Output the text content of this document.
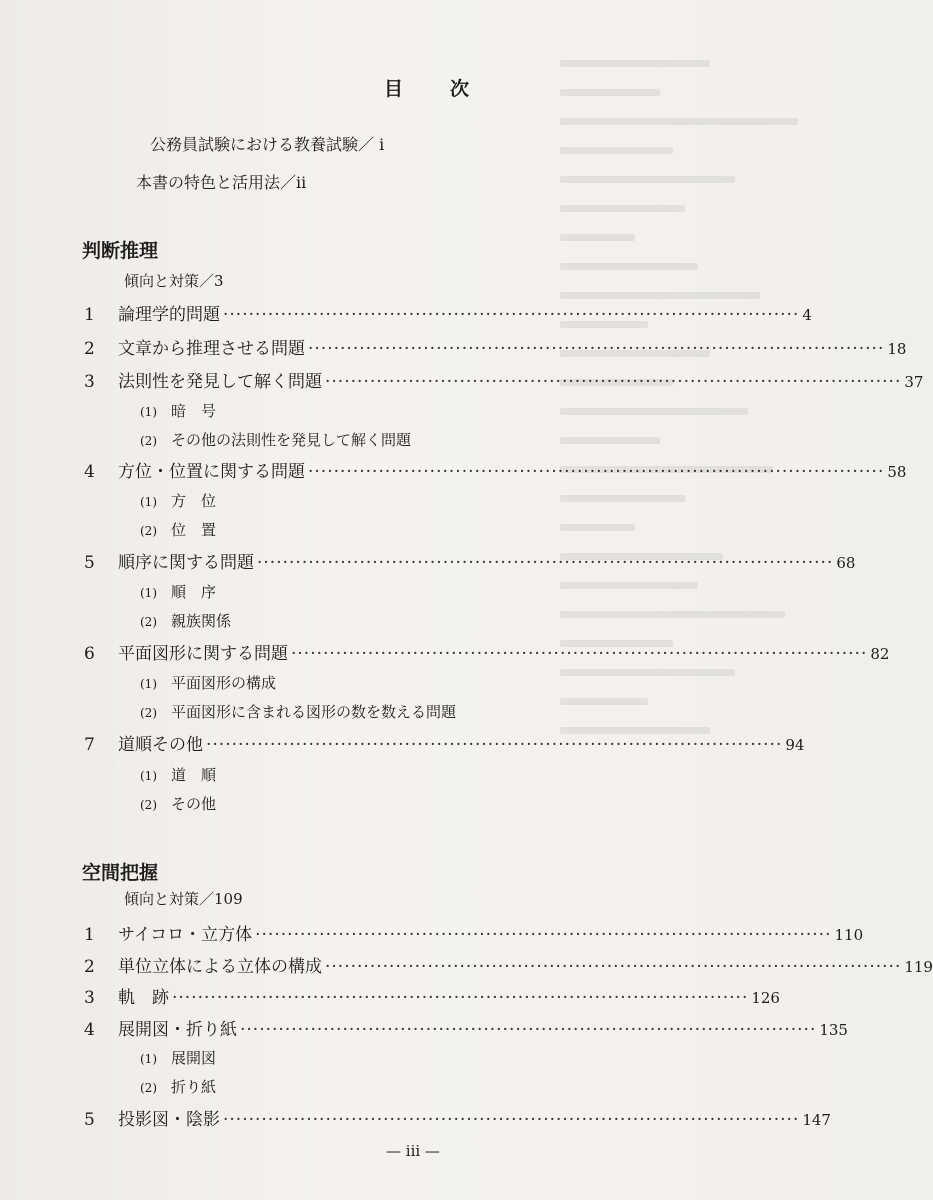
目　次
公務員試験における教養試験／ i
本書の特色と活用法／ii
判断推理
傾向と対策／3
1	論理学的問題 ·························································································· 4
2	文章から推理させる問題 ·························································································· 18
3	法則性を発見して解く問題 ·························································································· 37
(1) 暗　号
(2) その他の法則性を発見して解く問題
4	方位・位置に関する問題 ·························································································· 58
(1) 方　位
(2) 位　置
5	順序に関する問題 ·························································································· 68
(1) 順　序
(2) 親族関係
6	平面図形に関する問題 ·························································································· 82
(1) 平面図形の構成
(2) 平面図形に含まれる図形の数を数える問題
7	道順その他 ·························································································· 94
(1) 道　順
(2) その他
空間把握
傾向と対策／109
1	サイコロ・立方体 ·························································································· 110
2	単位立体による立体の構成 ·························································································· 119
3	軌　跡 ·························································································· 126
4	展開図・折り紙 ·························································································· 135
(1) 展開図
(2) 折り紙
5	投影図・陰影 ·························································································· 147
— iii —
